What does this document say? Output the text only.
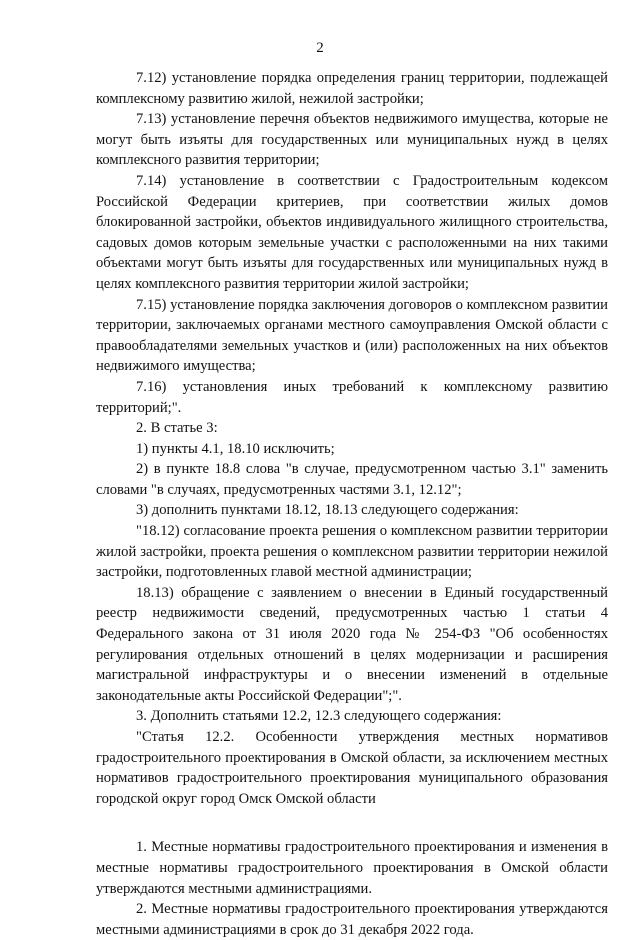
2

7.12) установление порядка определения границ территории, подлежащей комплексному развитию жилой, нежилой застройки;

7.13) установление перечня объектов недвижимого имущества, которые не могут быть изъяты для государственных или муниципальных нужд в целях комплексного развития территории;

7.14) установление в соответствии с Градостроительным кодексом Российской Федерации критериев, при соответствии жилых домов блокированной застройки, объектов индивидуального жилищного строительства, садовых домов которым земельные участки с расположенными на них такими объектами могут быть изъяты для государственных или муниципальных нужд в целях комплексного развития территории жилой застройки;

7.15) установление порядка заключения договоров о комплексном развитии территории, заключаемых органами местного самоуправления Омской области с правообладателями земельных участков и (или) расположенных на них объектов недвижимого имущества;

7.16) установления иных требований к комплексному развитию территорий;".

2. В статье 3:

1) пункты 4.1, 18.10 исключить;

2) в пункте 18.8 слова "в случае, предусмотренном частью 3.1" заменить словами "в случаях, предусмотренных частями 3.1, 12.12";

3) дополнить пунктами 18.12, 18.13 следующего содержания:

"18.12) согласование проекта решения о комплексном развитии территории жилой застройки, проекта решения о комплексном развитии территории нежилой застройки, подготовленных главой местной администрации;

18.13) обращение с заявлением о внесении в Единый государственный реестр недвижимости сведений, предусмотренных частью 1 статьи 4 Федерального закона от 31 июля 2020 года № 254-ФЗ "Об особенностях регулирования отдельных отношений в целях модернизации и расширения магистральной инфраструктуры и о внесении изменений в отдельные законодательные акты Российской Федерации";".

3. Дополнить статьями 12.2, 12.3 следующего содержания:

"Статья 12.2. Особенности утверждения местных нормативов градостроительного проектирования в Омской области, за исключением местных нормативов градостроительного проектирования муниципального образования городской округ город Омск Омской области

1. Местные нормативы градостроительного проектирования и изменения в местные нормативы градостроительного проектирования в Омской области утверждаются местными администрациями.

2. Местные нормативы градостроительного проектирования утверждаются местными администрациями в срок до 31 декабря 2022 года.
